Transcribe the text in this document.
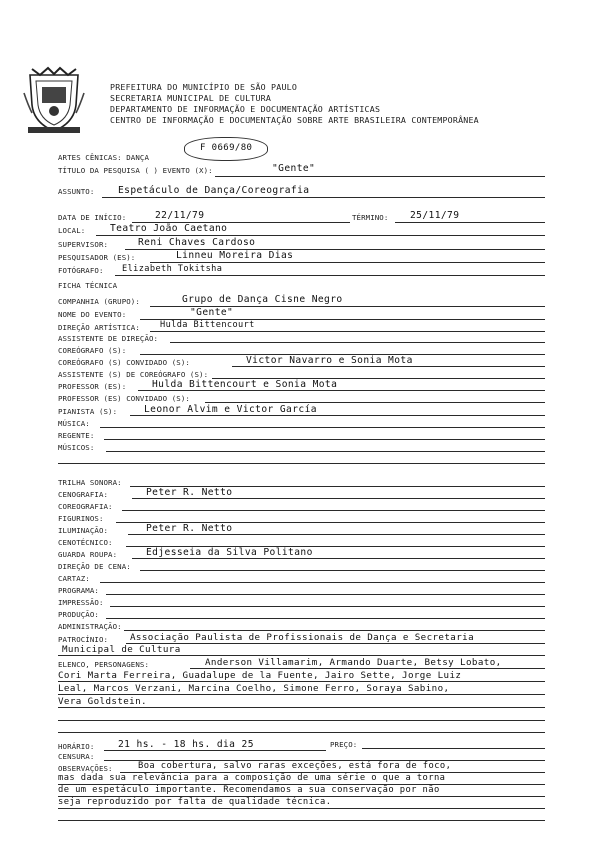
PREFEITURA DO MUNICÍPIO DE SÃO PAULO
SECRETARIA MUNICIPAL DE CULTURA
DEPARTAMENTO DE INFORMAÇÃO E DOCUMENTAÇÃO ARTÍSTICAS
CENTRO DE INFORMAÇÃO E DOCUMENTAÇÃO SOBRE ARTE BRASILEIRA CONTEMPORÂNEA
F 0669/80
ARTES CÊNICAS: DANÇA
TÍTULO DA PESQUISA ( ) EVENTO (X):	"Gente"
ASSUNTO: Espetáculo de Dança/Coreografia
DATA DE INÍCIO:	22/11/79	TÉRMINO: 25/11/79
LOCAL:	Teatro João Caetano
SUPERVISOR:	Reni Chaves Cardoso
PESQUISADOR (ES):	Linneu Moreira Dias
FOTÓGRAFO: Elizabeth Tokitsha
FICHA TÉCNICA
COMPANHIA (GRUPO):	Grupo de Dança Cisne Negro
NOME DO EVENTO:	"Gente"
DIREÇÃO ARTÍSTICA: Hulda Bittencourt
ASSISTENTE DE DIREÇÃO:
COREÓGRAFO (S):
COREÓGRAFO (S) CONVIDADO (S):	Victor Navarro e Sonia Mota
ASSISTENTE (S) DE COREÓGRAFO (S):
PROFESSOR (ES):	Hulda Bittencourt e Sonia Mota
PROFESSOR (ES) CONVIDADO (S):
PIANISTA (S):	Leonor Alvim e Victor García
MÚSICA:
REGENTE:
MÚSICOS:
TRILHA SONORA:
CENOGRAFIA:	Peter R. Netto
COREOGRAFIA:
FIGURINOS:
ILUMINAÇÃO:	Peter R. Netto
CENOTÉCNICO:
GUARDA ROUPA:	Edjesseia da Silva Politano
DIREÇÃO DE CENA:
CARTAZ:
PROGRAMA:
IMPRESSÃO:
PRODUÇÃO:
ADMINISTRAÇÃO:
PATROCÍNIO: Associação Paulista de Profissionais de Dança e Secretaria
Municipal de Cultura
ELENCO, PERSONAGENS:	Anderson Villamarim, Armando Duarte, Betsy Lobato,
Cori Marta Ferreira, Guadalupe de la Fuente, Jairo Sette, Jorge Luiz
Leal, Marcos Verzani, Marcina Coelho, Simone Ferro, Soraya Sabino,
Vera Goldstein.
HORÁRIO: 21 hs. - 18 hs. dia 25	PREÇO:
CENSURA:
OBSERVAÇÕES:	Boa cobertura, salvo raras exceções, está fora de foco,
mas dada sua relevância para a composição de uma série o que a torna
de um espetáculo importante. Recomendamos a sua conservação por não
seja reproduzido por falta de qualidade técnica.
